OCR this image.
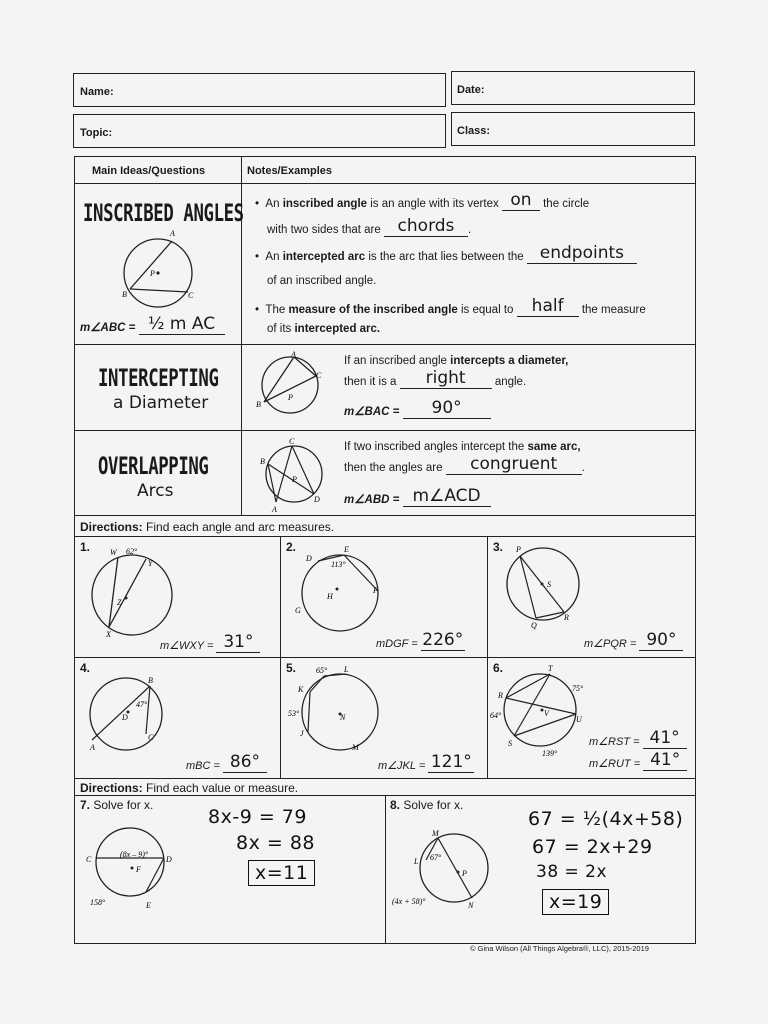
Name:	Date:
Topic:	Class:
Main Ideas/Questions	Notes/Examples
INSCRIBED ANGLES
A
B	C
P
m∠ABC = ½ m AC
•  An inscribed angle is an angle with its vertex on the circle
with two sides that are chords	.
•  An intercepted arc is the arc that lies between the endpoints
of an inscribed angle.
•  The measure of the inscribed angle is equal to half	the measure
of its intercepted arc.
INTERCEPTING
a Diameter
A
B
C
P
If an inscribed angle intercepts a diameter,
then it is a	right	angle.
m∠BAC =	90°
OVERLAPPING
Arcs
C
B
D
A
P
If two inscribed angles intercept the same arc,
then the angles are	congruent	.
m∠ABD = m∠ACD
Directions: Find each angle and arc measures.
1. W 62°
Y
Z
X
m∠WXY = 31°
2.
D
E
113°
H
F
G
mDGF = 226°
3. P
S
R
Q
m∠PQR = 90°
4.
B
47°
D
C
A
mBC = 86°
5. 65° L
K
53°	N
J
M
m∠JKL = 121°
6.	T
75°
R
64°	V
U
S
139°
m∠RST = 41°
m∠RUT = 41°
Directions: Find each value or measure.
7. Solve for x.
C
(8x – 9)°
D
F
158°	E
8x-9 = 79
8x = 88
x=11
8. Solve for x.
M
L 67°
P
(4x + 58)°	N
67 = ½(4x+58)
67 = 2x+29
38 = 2x
x=19
© Gina Wilson (All Things Algebra®, LLC), 2015-2019
